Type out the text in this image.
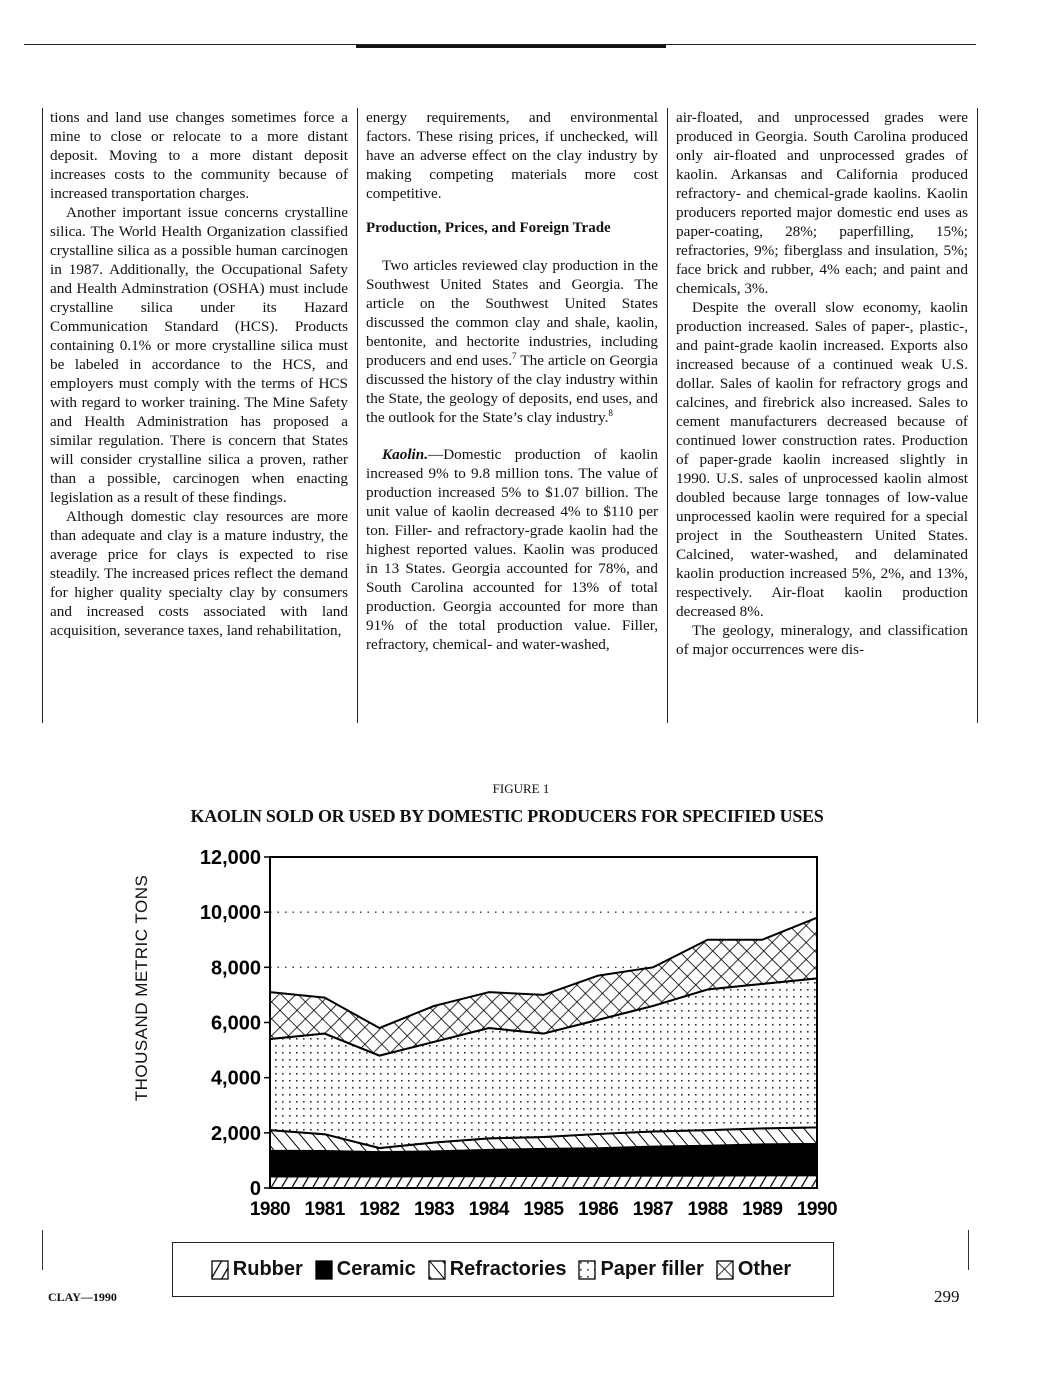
tions and land use changes sometimes force a mine to close or relocate to a more distant deposit. Moving to a more distant deposit increases costs to the community because of increased transportation charges.

Another important issue concerns crystalline silica. The World Health Organization classified crystalline silica as a possible human carcinogen in 1987. Additionally, the Occupational Safety and Health Adminstration (OSHA) must include crystalline silica under its Hazard Communication Standard (HCS). Products containing 0.1% or more crystalline silica must be labeled in accordance to the HCS, and employers must comply with the terms of HCS with regard to worker training. The Mine Safety and Health Administration has proposed a similar regulation. There is concern that States will consider crystalline silica a proven, rather than a possible, carcinogen when enacting legislation as a result of these findings.

Although domestic clay resources are more than adequate and clay is a mature industry, the average price for clays is expected to rise steadily. The increased prices reflect the demand for higher quality specialty clay by consumers and increased costs associated with land acquisition, severance taxes, land rehabilitation,

energy requirements, and environmental factors. These rising prices, if unchecked, will have an adverse effect on the clay industry by making competing materials more cost competitive.

Production, Prices, and Foreign Trade

Two articles reviewed clay production in the Southwest United States and Georgia. The article on the Southwest United States discussed the common clay and shale, kaolin, bentonite, and hectorite industries, including producers and end uses.$^7$ The article on Georgia discussed the history of the clay industry within the State, the geology of deposits, end uses, and the outlook for the State’s clay industry.$^8$

Kaolin.—Domestic production of kaolin increased 9% to 9.8 million tons. The value of production increased 5% to $1.07 billion. The unit value of kaolin decreased 4% to $110 per ton. Filler- and refractory-grade kaolin had the highest reported values. Kaolin was produced in 13 States. Georgia accounted for 78%, and South Carolina accounted for 13% of total production. Georgia accounted for more than 91% of the total production value. Filler, refractory, chemical- and water-washed,

air-floated, and unprocessed grades were produced in Georgia. South Carolina produced only air-floated and unprocessed grades of kaolin. Arkansas and California produced refractory- and chemical-grade kaolins. Kaolin producers reported major domestic end uses as paper-coating, 28%; paperfilling, 15%; refractories, 9%; fiberglass and insulation, 5%; face brick and rubber, 4% each; and paint and chemicals, 3%.

Despite the overall slow economy, kaolin production increased. Sales of paper-, plastic-, and paint-grade kaolin increased. Exports also increased because of a continued weak U.S. dollar. Sales of kaolin for refractory grogs and calcines, and firebrick also increased. Sales to cement manufacturers decreased because of continued lower construction rates. Production of paper-grade kaolin increased slightly in 1990. U.S. sales of unprocessed kaolin almost doubled because large tonnages of low-value unprocessed kaolin were required for a special project in the Southeastern United States. Calcined, water-washed, and delaminated kaolin production increased 5%, 2%, and 13%, respectively. Air-float kaolin production decreased 8%.

The geology, mineralogy, and classification of major occurrences were dis-

FIGURE 1
KAOLIN SOLD OR USED BY DOMESTIC PRODUCERS FOR SPECIFIED USES
THOUSAND METRIC TONS
0
2,000
4,000
6,000
8,000
10,000
12,000
1980 1981 1982 1983 1984 1985 1986 1987 1988 1989 1990
Rubber Ceramic Refractories Paper filler Other
CLAY—1990	299
